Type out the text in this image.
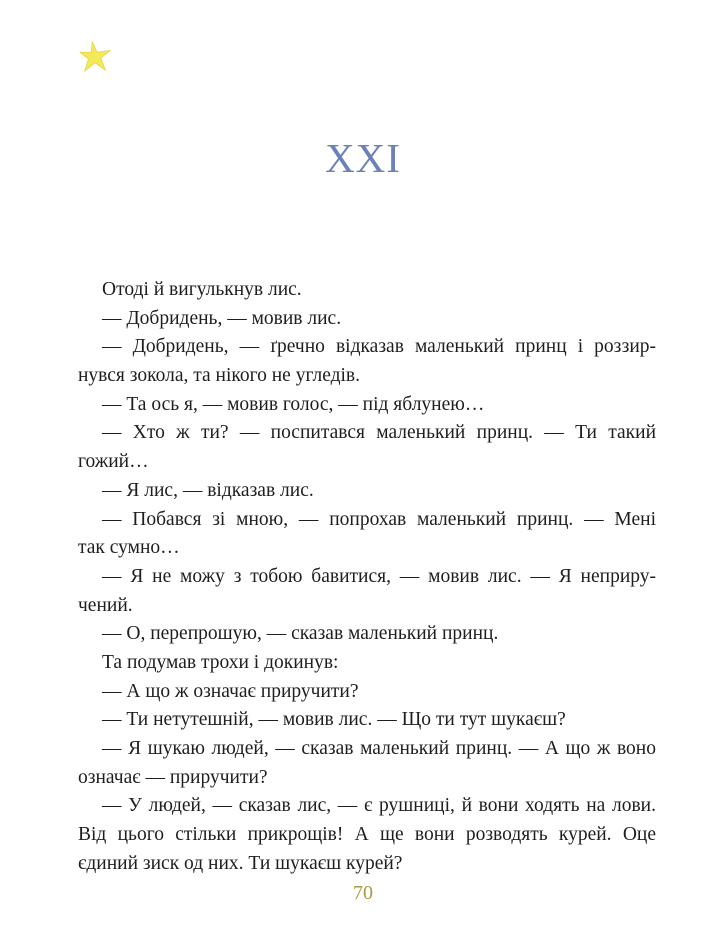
XXI
Отоді й вигулькнув лис.
— Добридень, — мовив лис.
— Добридень, — ґречно відказав маленький принц і роззир-
нувся зокола, та нікого не угледів.
— Та ось я, — мовив голос, — під яблунею…
— Хто ж ти? — поспитався маленький принц. — Ти такий
гожий…
— Я лис, — відказав лис.
— Побався зі мною, — попрохав маленький принц. — Мені
так сумно…
— Я не можу з тобою бавитися, — мовив лис. — Я неприру-
чений.
— О, перепрошую, — сказав маленький принц.
Та подумав трохи і докинув:
— А що ж означає приручити?
— Ти нетутешній, — мовив лис. — Що ти тут шукаєш?
— Я шукаю людей, — сказав маленький принц. — А що ж воно
означає — приручити?
— У людей, — сказав лис, — є рушниці, й вони ходять на лови.
Від цього стільки прикрощів! А ще вони розводять курей. Оце
єдиний зиск од них. Ти шукаєш курей?
70
